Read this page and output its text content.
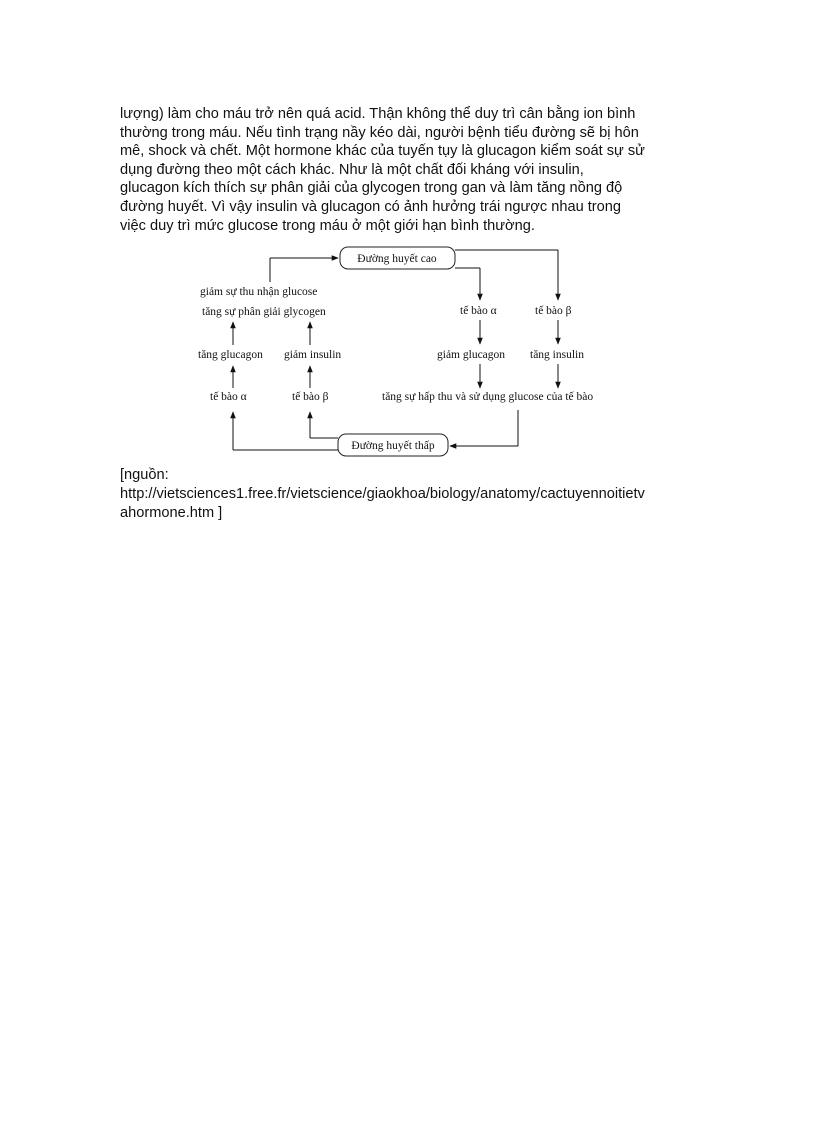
lượng) làm cho máu trở nên quá acid. Thận không thể duy trì cân bằng ion bình
thường trong máu. Nếu tình trạng nầy kéo dài, người bệnh tiểu đường sẽ bị hôn
mê, shock và chết. Một hormone khác của tuyến tụy là glucagon kiểm soát sự sử
dụng đường theo một cách khác. Như là một chất đối kháng với insulin,
glucagon kích thích sự phân giải của glycogen trong gan và làm tăng nồng độ
đường huyết. Vì vậy insulin và glucagon có ảnh hưởng trái ngược nhau trong
việc duy trì mức glucose trong máu ở một giới hạn bình thường.
Đường huyết cao
Đường huyết thấp
giảm sự thu nhận glucose
tăng sự phân giải glycogen
tăng glucagon giảm insulin
tế bào α	tế bào β
tế bào α	tế bào β
giảm glucagon tăng insulin
tăng sự hấp thu và sử dụng glucose của tế bào
[nguồn:
http://vietsciences1.free.fr/vietscience/giaokhoa/biology/anatomy/cactuyennoitietv
ahormone.htm ]
